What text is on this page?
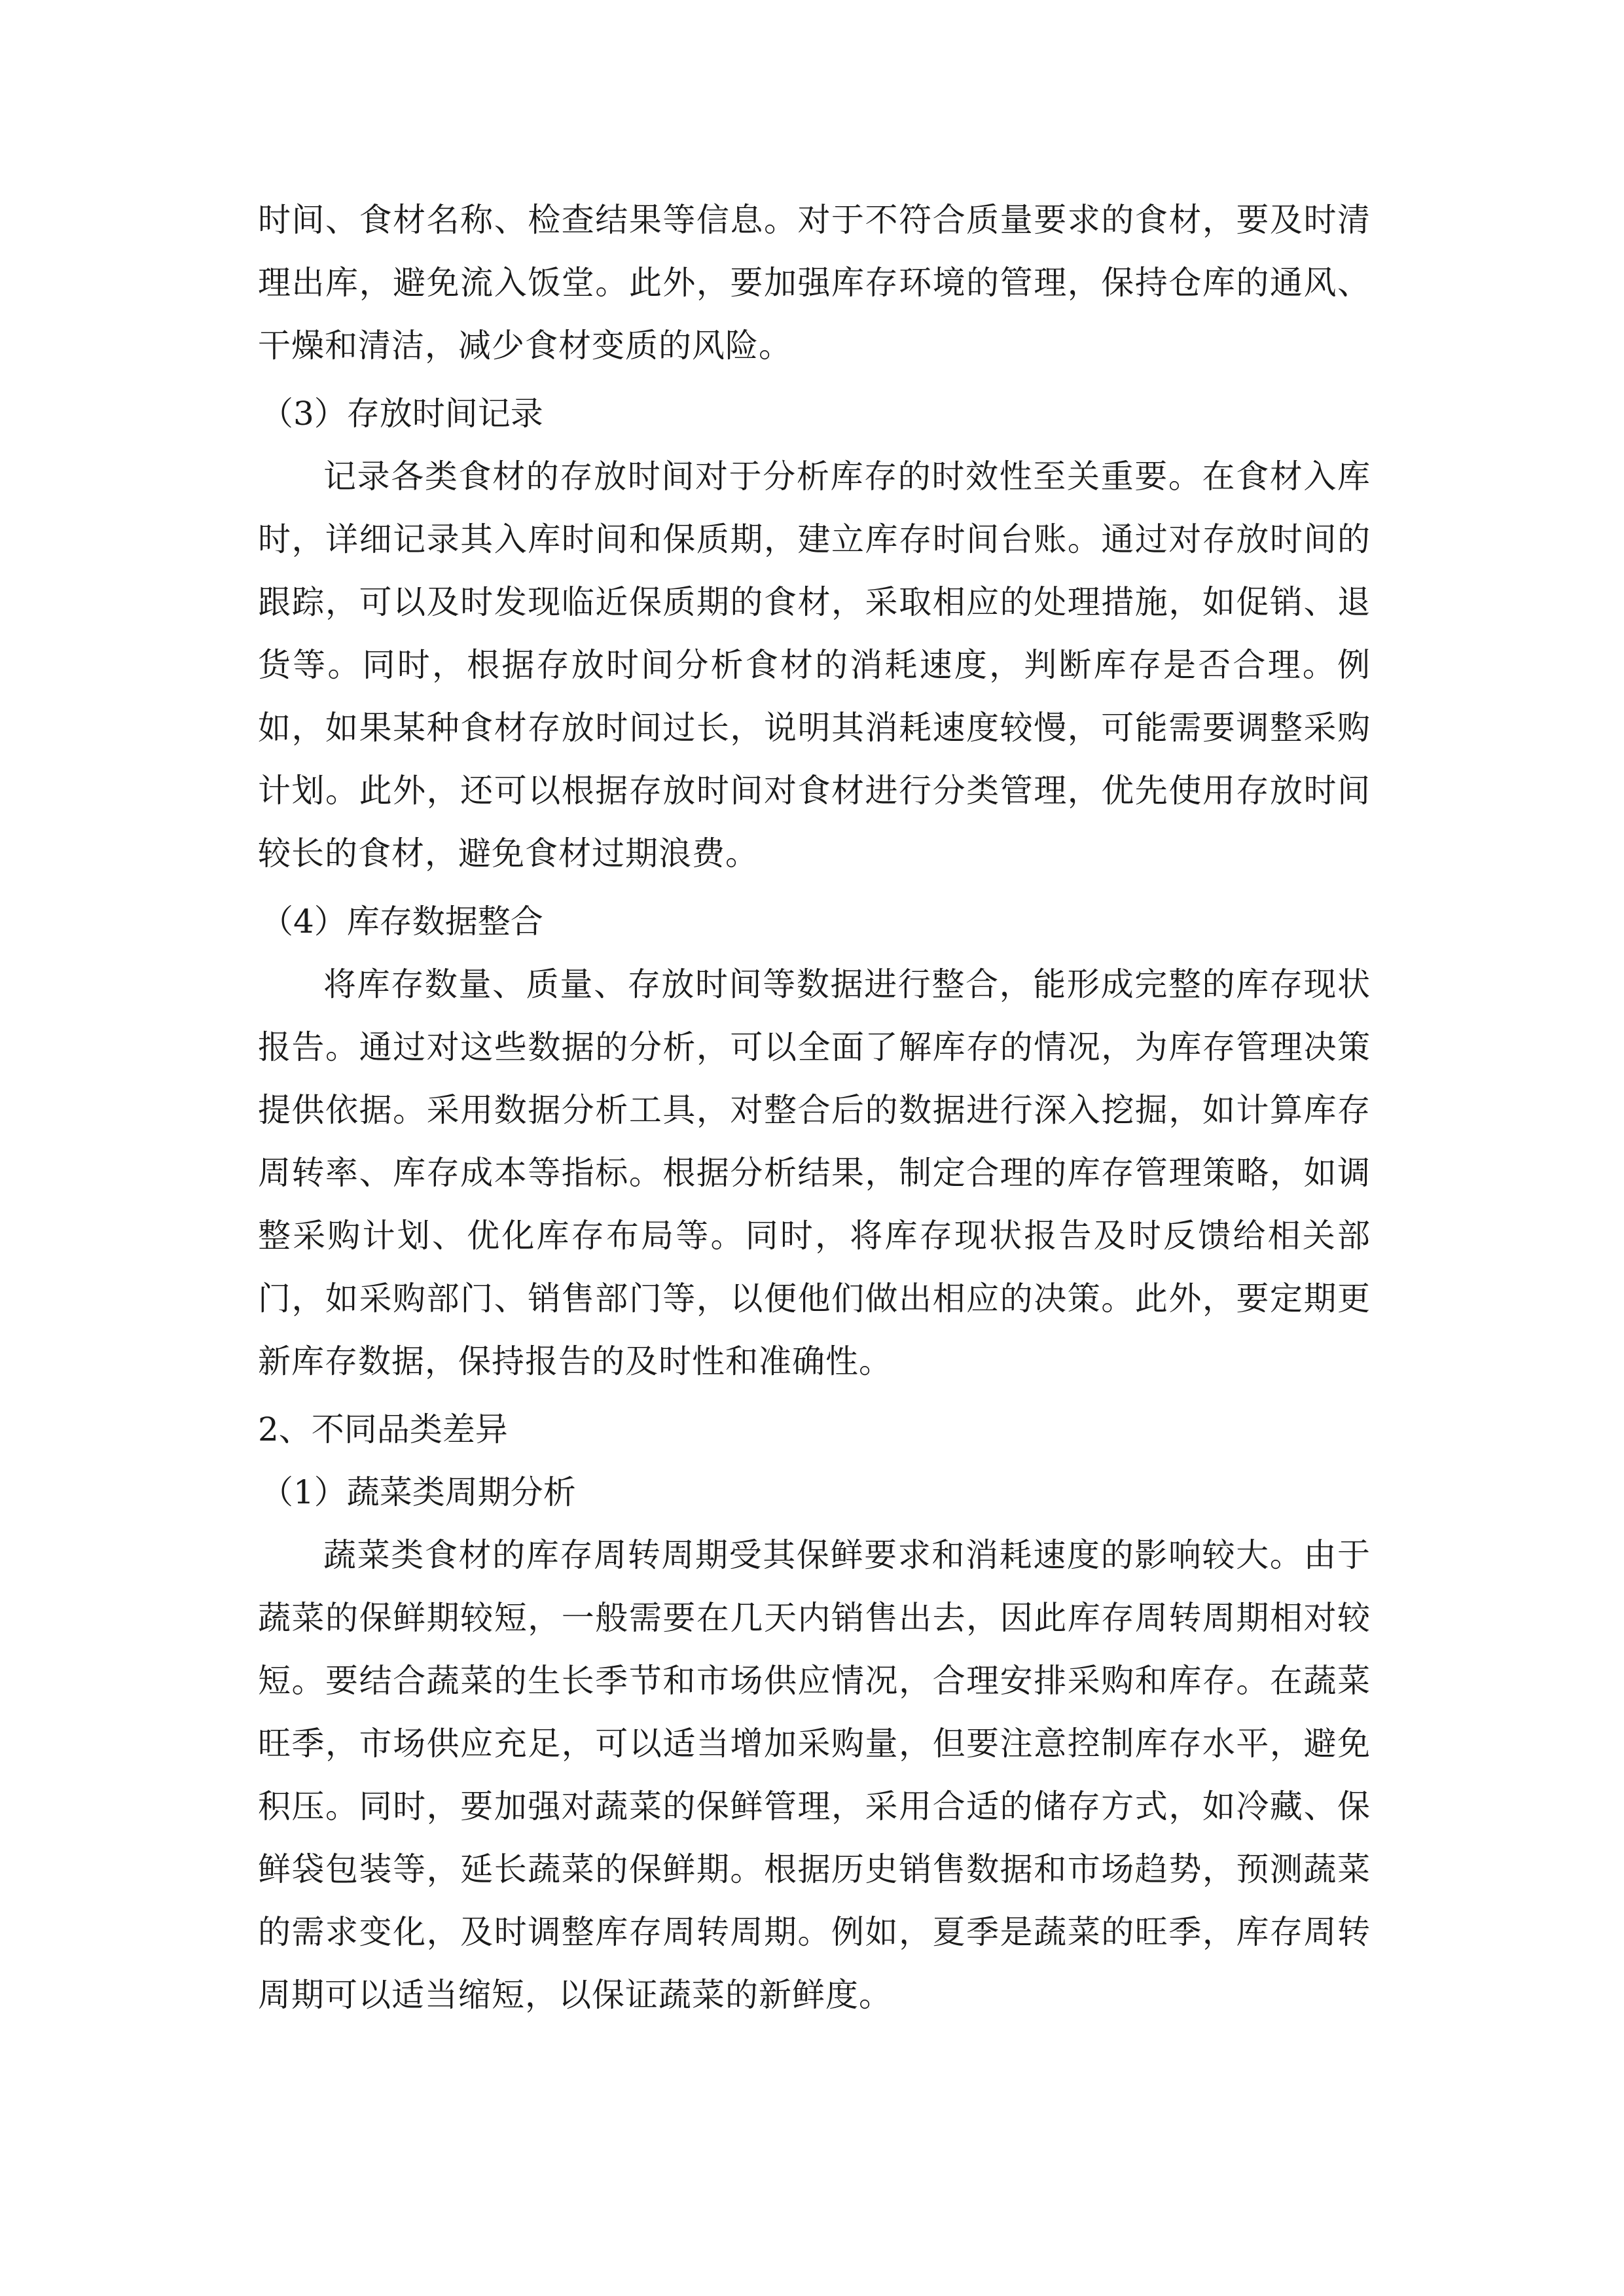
时间、食材名称、检查结果等信息。对于不符合质量要求的食材，要及时清理出库，避免流入饭堂。此外，要加强库存环境的管理，保持仓库的通风、干燥和清洁，减少食材变质的风险。

（3）存放时间记录

记录各类食材的存放时间对于分析库存的时效性至关重要。在食材入库时，详细记录其入库时间和保质期，建立库存时间台账。通过对存放时间的跟踪，可以及时发现临近保质期的食材，采取相应的处理措施，如促销、退货等。同时，根据存放时间分析食材的消耗速度，判断库存是否合理。例如，如果某种食材存放时间过长，说明其消耗速度较慢，可能需要调整采购计划。此外，还可以根据存放时间对食材进行分类管理，优先使用存放时间较长的食材，避免食材过期浪费。

（4）库存数据整合

将库存数量、质量、存放时间等数据进行整合，能形成完整的库存现状报告。通过对这些数据的分析，可以全面了解库存的情况，为库存管理决策提供依据。采用数据分析工具，对整合后的数据进行深入挖掘，如计算库存周转率、库存成本等指标。根据分析结果，制定合理的库存管理策略，如调整采购计划、优化库存布局等。同时，将库存现状报告及时反馈给相关部门，如采购部门、销售部门等，以便他们做出相应的决策。此外，要定期更新库存数据，保持报告的及时性和准确性。

2、不同品类差异

（1）蔬菜类周期分析

蔬菜类食材的库存周转周期受其保鲜要求和消耗速度的影响较大。由于蔬菜的保鲜期较短，一般需要在几天内销售出去，因此库存周转周期相对较短。要结合蔬菜的生长季节和市场供应情况，合理安排采购和库存。在蔬菜旺季，市场供应充足，可以适当增加采购量，但要注意控制库存水平，避免积压。同时，要加强对蔬菜的保鲜管理，采用合适的储存方式，如冷藏、保鲜袋包装等，延长蔬菜的保鲜期。根据历史销售数据和市场趋势，预测蔬菜的需求变化，及时调整库存周转周期。例如，夏季是蔬菜的旺季，库存周转周期可以适当缩短，以保证蔬菜的新鲜度。
